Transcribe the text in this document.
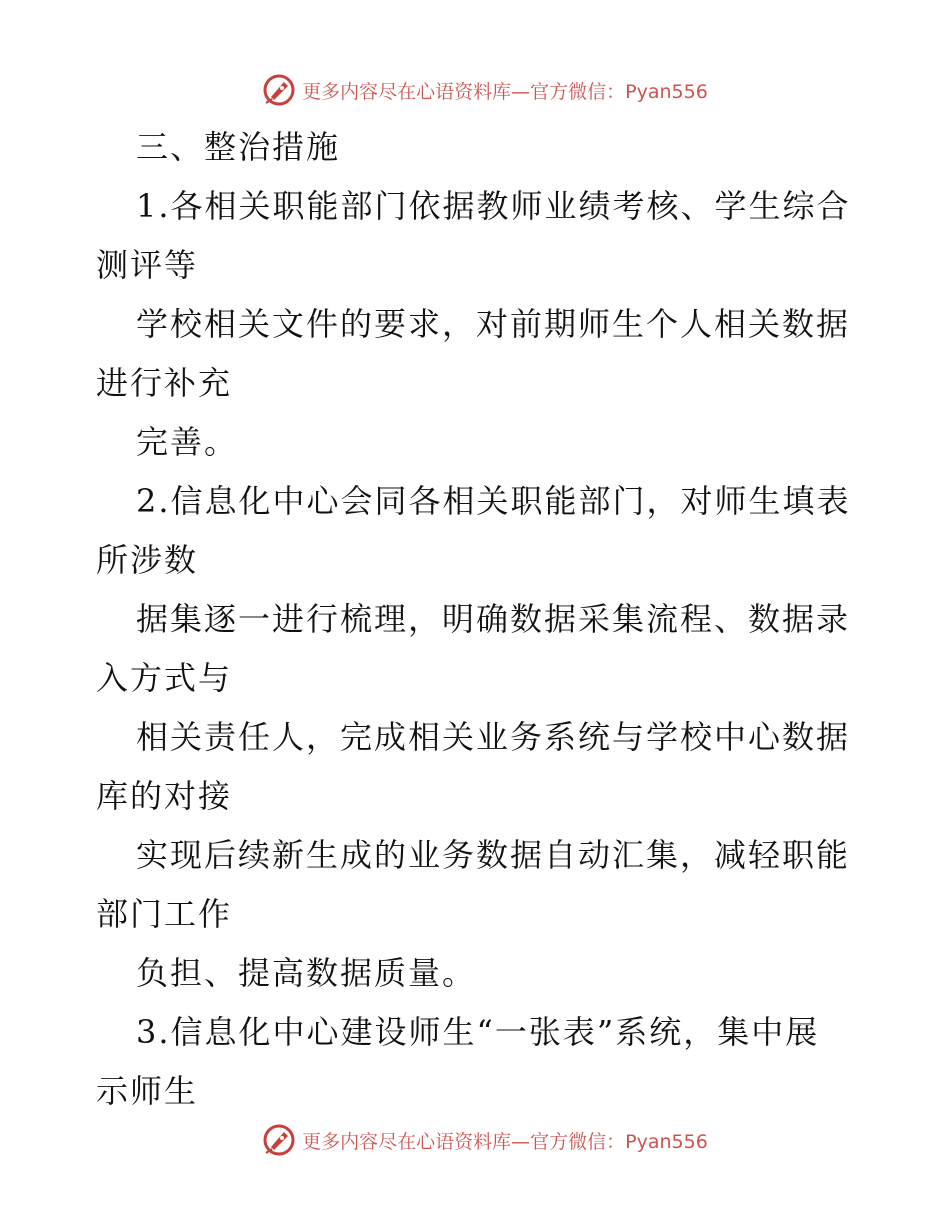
更多内容尽在心语资料库—官方微信：Pyan556
三、整治措施
1.各相关职能部门依据教师业绩考核、学生综合
测评等
学校相关文件的要求，对前期师生个人相关数据
进行补充
完善。
2.信息化中心会同各相关职能部门，对师生填表
所涉数
据集逐一进行梳理，明确数据采集流程、数据录
入方式与
相关责任人，完成相关业务系统与学校中心数据
库的对接
实现后续新生成的业务数据自动汇集，减轻职能
部门工作
负担、提高数据质量。
3.信息化中心建设师生“一张表”系统，集中展
示师生
更多内容尽在心语资料库—官方微信：Pyan556
